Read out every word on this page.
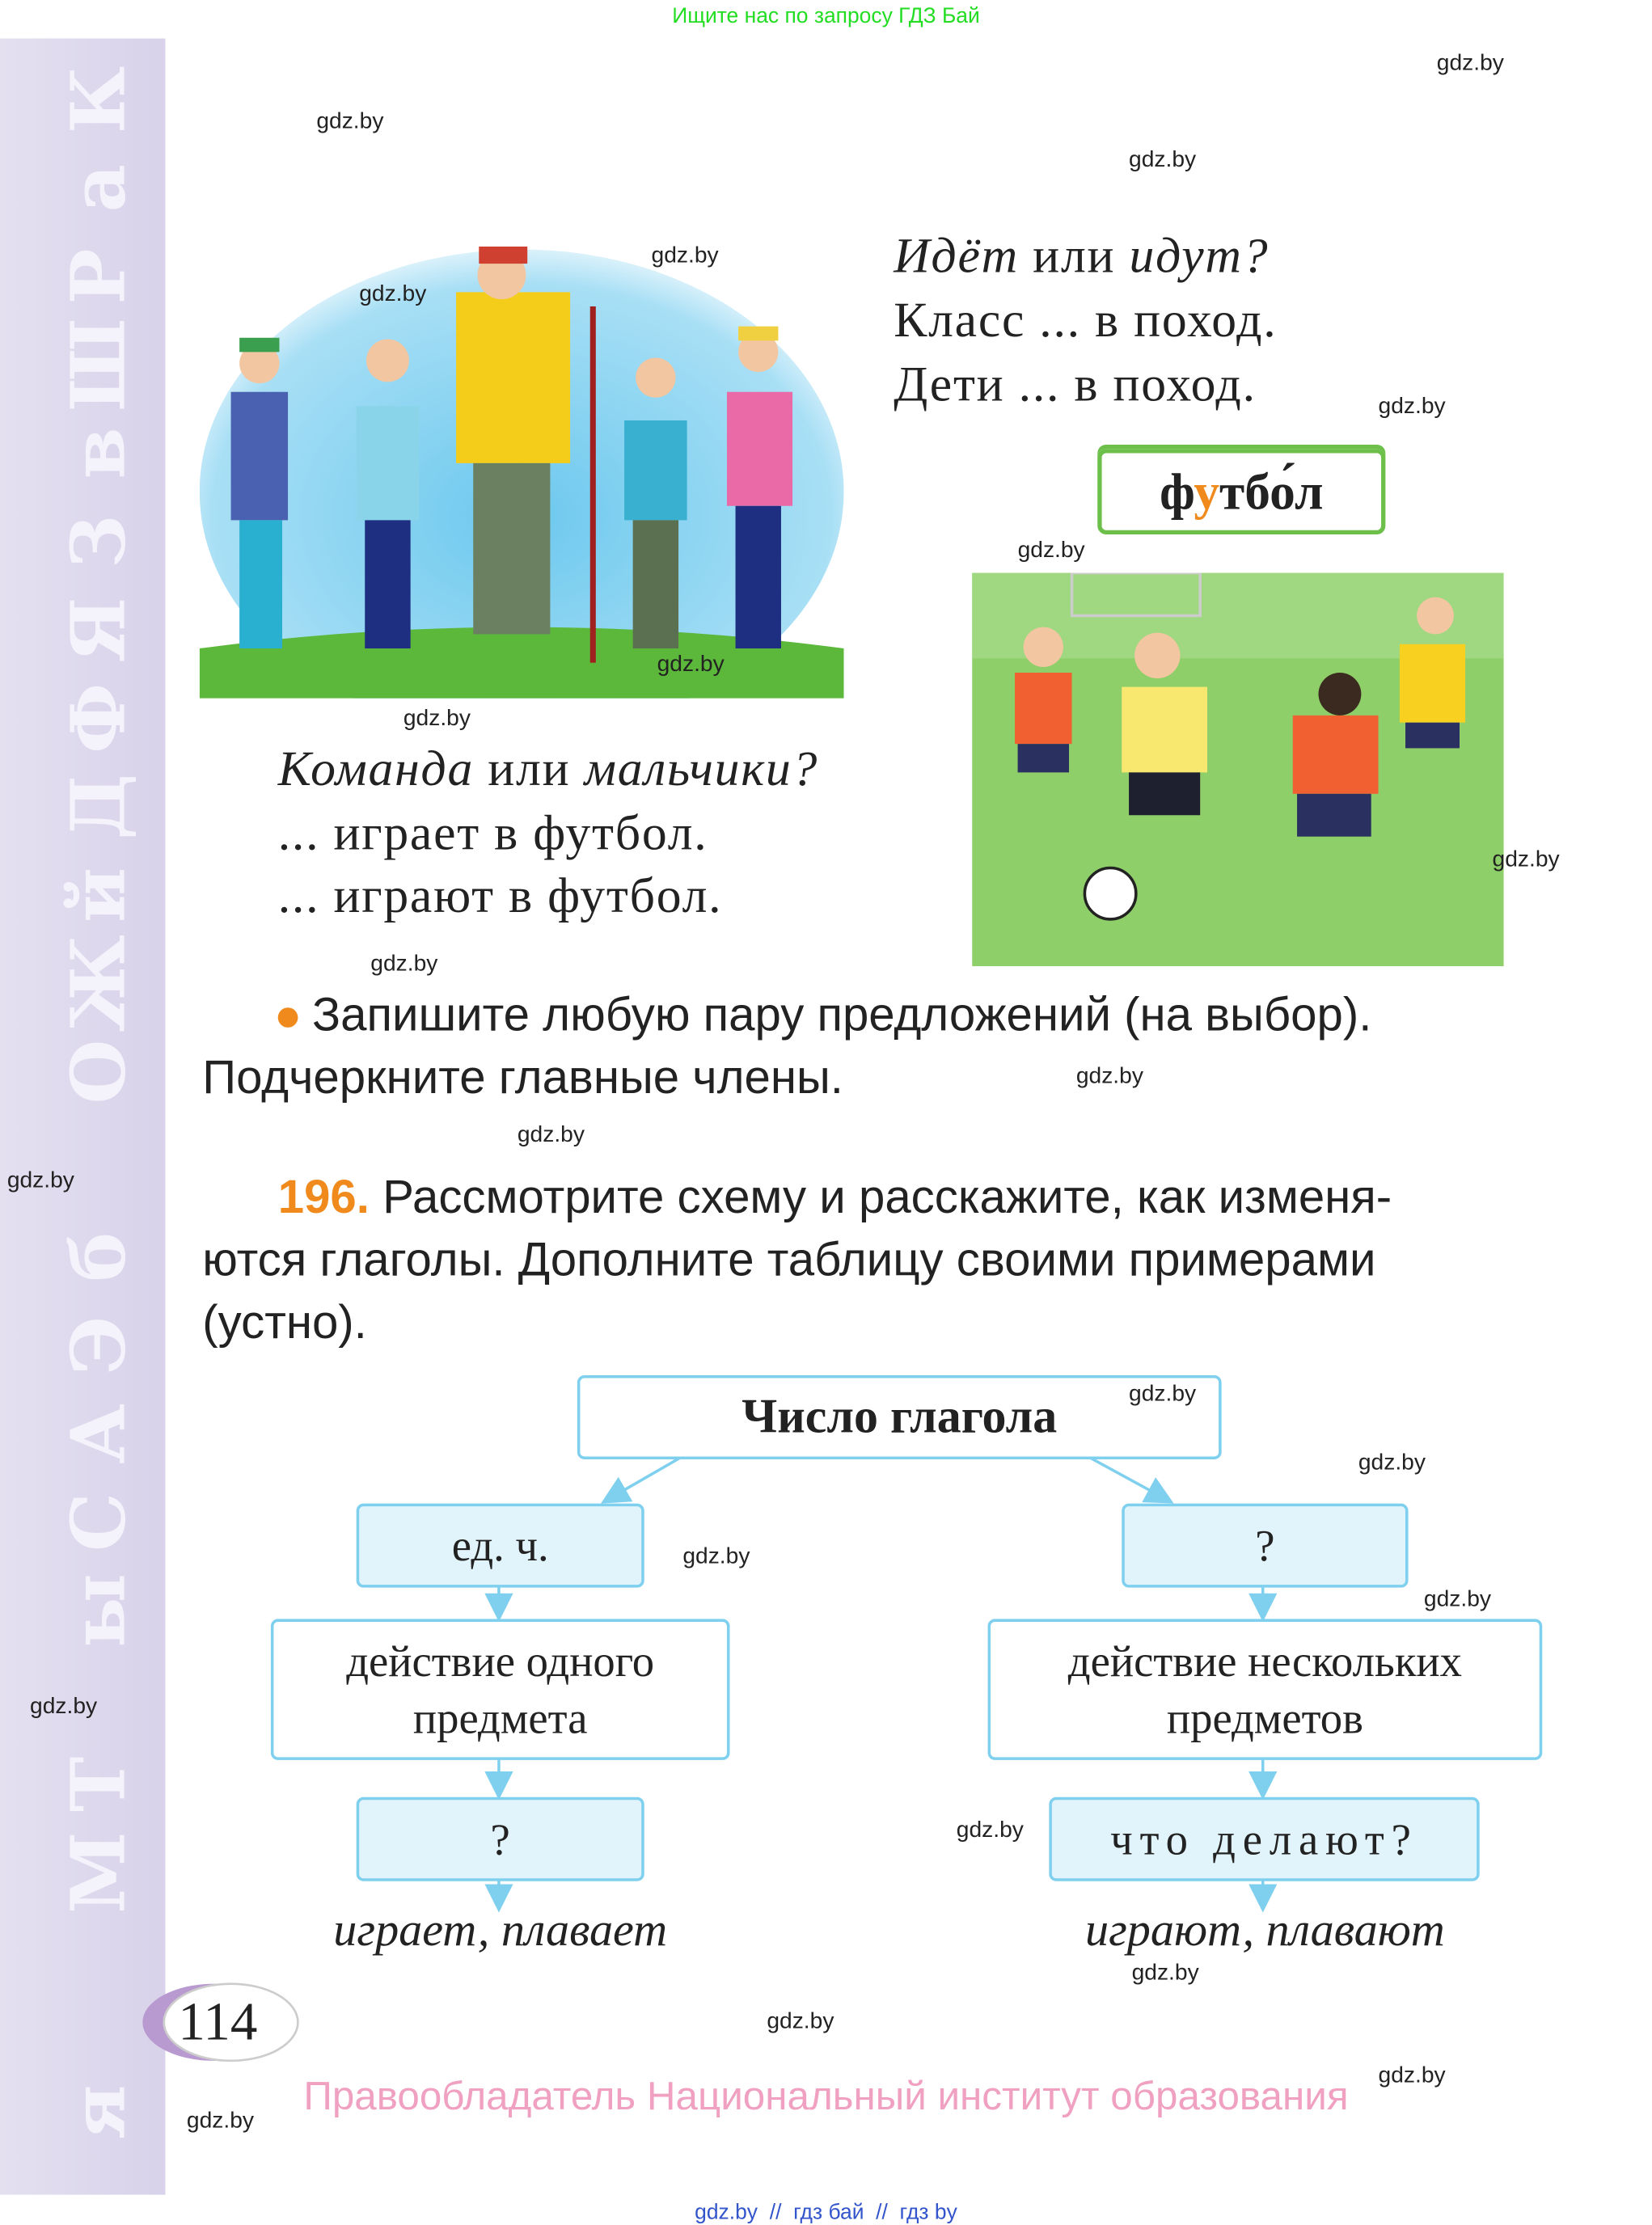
Ищите нас по запросу ГДЗ Бай
К
а
Р
Ш
в
З
Я
Ф
Д
й
Ж
О
б
Э
А
С
ы
Т
М
я
gdz.by
gdz.by
gdz.by
gdz.by
gdz.by
gdz.by
gdz.by
gdz.by
gdz.by
gdz.by
gdz.by
gdz.by
gdz.by
gdz.by
gdz.by
gdz.by
gdz.by
gdz.by
gdz.by
gdz.by
gdz.by
gdz.by
gdz.by
gdz.by
Идёт или идут?
Класс ... в поход.
Дети ... в поход.
футбо́л
Команда или мальчики?
... играет в футбол.
... играют в футбол.
Запишите любую пару предложений (на выбор).
Подчеркните главные члены.
196. Рассмотрите схему и расскажите, как изменя-
ются глаголы. Дополните таблицу своими примерами
(устно).
Число глагола
ед. ч.	?
действие одного предмета
действие нескольких предметов
?	что делают?
играет, плавает	играют, плавают
114
Правообладатель Национальный институт образования
gdz.by  //  гдз бай  //  гдз by
